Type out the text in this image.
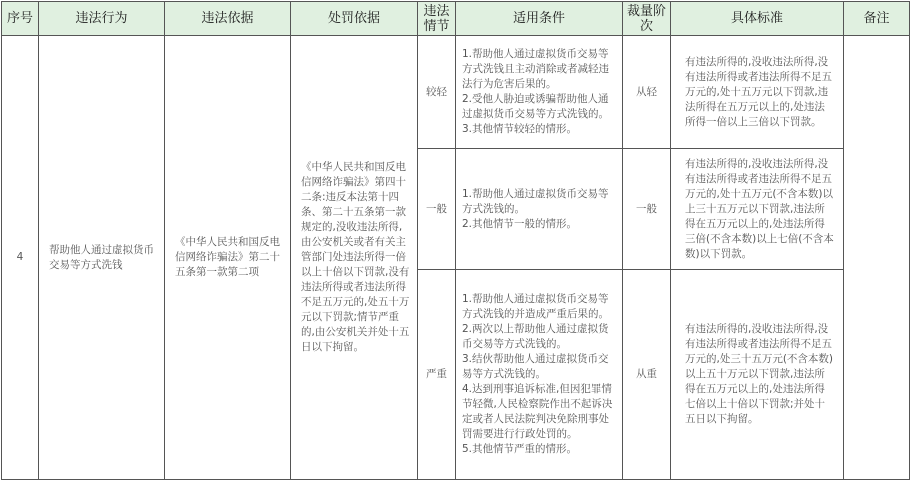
序号	违法行为	违法依据	处罚依据	违法情节	适用条件	裁量阶次	具体标准	备注
4	帮助他人通过虚拟货币交易等方式洗钱	《中华人民共和国反电信网络诈骗法》第二十五条第一款第二项	《中华人民共和国反电信网络诈骗法》第四十二条:违反本法第十四条、第二十五条第一款规定的,没收违法所得,由公安机关或者有关主管部门处违法所得一倍以上十倍以下罚款,没有违法所得或者违法所得不足五万元的,处五十万元以下罚款;情节严重的,由公安机关并处十五日以下拘留。	较轻	1.帮助他人通过虚拟货币交易等方式洗钱且主动消除或者减轻违法行为危害后果的。
2.受他人胁迫或诱骗帮助他人通过虚拟货币交易等方式洗钱的。
3.其他情节较轻的情形。	从轻	有违法所得的,没收违法所得,没有违法所得或者违法所得不足五万元的,处十五万元以下罚款,违法所得在五万元以上的,处违法所得一倍以上三倍以下罚款。	
				一般	1.帮助他人通过虚拟货币交易等方式洗钱的。
2.其他情节一般的情形。	一般	有违法所得的,没收违法所得,没有违法所得或者违法所得不足五万元的,处十五万元(不含本数)以上三十五万元以下罚款,违法所得在五万元以上的,处违法所得三倍(不含本数)以上七倍(不含本数)以下罚款。	
				严重	1.帮助他人通过虚拟货币交易等方式洗钱的并造成严重后果的。
2.两次以上帮助他人通过虚拟货币交易等方式洗钱的。
3.结伙帮助他人通过虚拟货币交易等方式洗钱的。
4.达到刑事追诉标准,但因犯罪情节轻微,人民检察院作出不起诉决定或者人民法院判决免除刑事处罚需要进行行政处罚的。
5.其他情节严重的情形。	从重	有违法所得的,没收违法所得,没有违法所得或者违法所得不足五万元的,处三十五万元(不含本数)以上五十万元以下罚款,违法所得在五万元以上的,处违法所得七倍以上十倍以下罚款;并处十五日以下拘留。	
